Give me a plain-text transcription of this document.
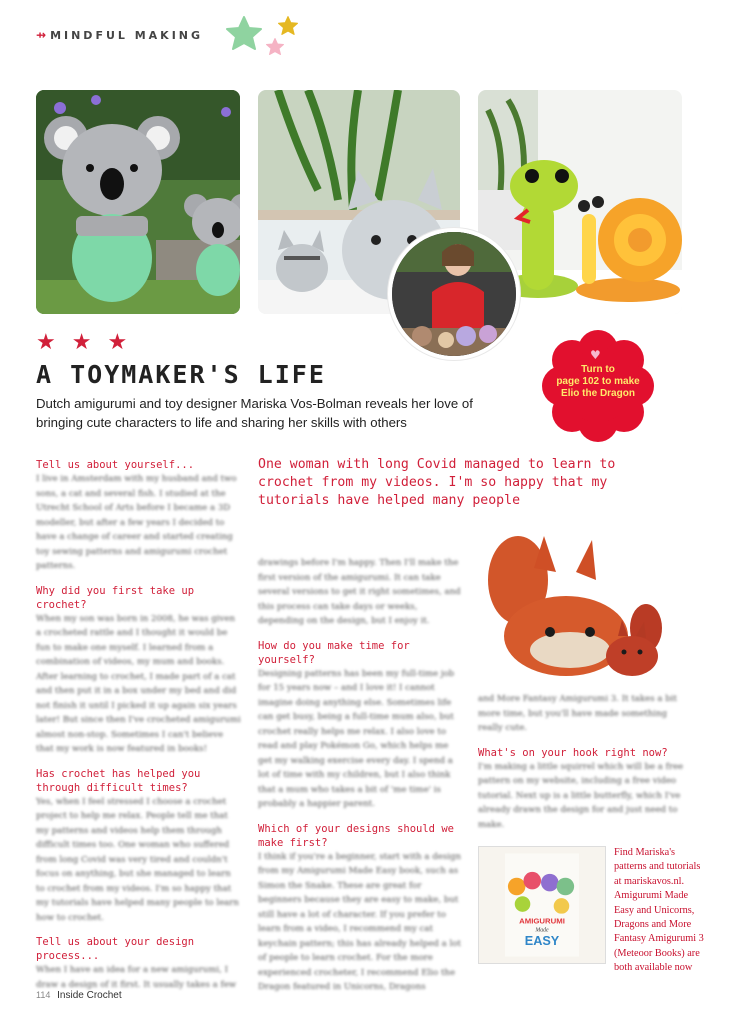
⇸ MINDFUL MAKING
★ ★ ★
A TOYMAKER'S LIFE
Dutch amigurumi and toy designer Mariska Vos-Bolman reveals her love of bringing cute characters to life and sharing her skills with others
♥
Turn to
page 102 to make
Elio the Dragon
One woman with long Covid managed to learn to crochet from my videos. I'm so happy that my tutorials have helped many people
Tell us about yourself...
I live in Amsterdam with my husband and two sons, a cat and several fish. I studied at the Utrecht School of Arts before I became a 3D modeller, but after a few years I decided to have a change of career and started creating toy sewing patterns and amigurumi crochet patterns.
Why did you first take up crochet?
When my son was born in 2008, he was given a crocheted rattle and I thought it would be fun to make one myself. I learned from a combination of videos, my mum and books. After learning to crochet, I made part of a cat and then put it in a box under my bed and did not finish it until I picked it up again six years later! But since then I've crocheted amigurumi almost non-stop. Sometimes I can't believe that my work is now featured in books!
Has crochet has helped you through difficult times?
Yes, when I feel stressed I choose a crochet project to help me relax. People tell me that my patterns and videos help them through difficult times too. One woman who suffered from long Covid was very tired and couldn't focus on anything, but she managed to learn to crochet from my videos. I'm so happy that my tutorials have helped many people to learn how to crochet.
Tell us about your design process...
When I have an idea for a new amigurumi, I draw a design of it first. It usually takes a few
drawings before I'm happy. Then I'll make the first version of the amigurumi. It can take several versions to get it right sometimes, and this process can take days or weeks, depending on the design, but I enjoy it.
How do you make time for yourself?
Designing patterns has been my full-time job for 15 years now – and I love it! I cannot imagine doing anything else. Sometimes life can get busy, being a full-time mum also, but crochet really helps me relax. I also love to read and play Pokémon Go, which helps me get my walking exercise every day. I spend a lot of time with my children, but I also think that a mum who takes a bit of 'me time' is probably a happier parent.
Which of your designs should we make first?
I think if you're a beginner, start with a design from my Amigurumi Made Easy book, such as Simon the Snake. These are great for beginners because they are easy to make, but still have a lot of character. If you prefer to learn from a video, I recommend my cat keychain pattern; this has already helped a lot of people to learn crochet. For the more experienced crocheter, I recommend Elio the Dragon featured in Unicorns, Dragons
and More Fantasy Amigurumi 3. It takes a bit more time, but you'll have made something really cute.
What's on your hook right now?
I'm making a little squirrel which will be a free pattern on my website, including a free video tutorial. Next up is a little butterfly, which I've already drawn the design for and just need to make.
AMIGURUMI
Made
EASY
Find Mariska's patterns and tutorials at mariskavos.nl. Amigurumi Made Easy and Unicorns, Dragons and More Fantasy Amigurumi 3 (Meteoor Books) are both available now
114 Inside Crochet
